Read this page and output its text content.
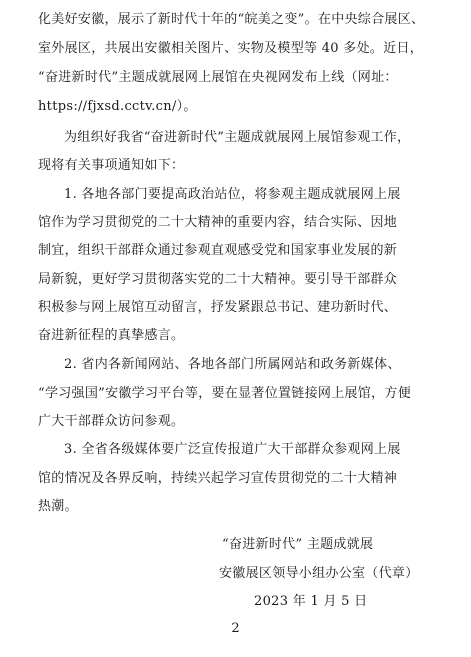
化美好安徽，展示了新时代十年的“皖美之变”。在中央综合展区、
室外展区，共展出安徽相关图片、实物及模型等 40 多处。近日，
“奋进新时代”主题成就展网上展馆在央视网发布上线（网址：
https://fjxsd.cctv.cn/）。
为组织好我省“奋进新时代”主题成就展网上展馆参观工作，
现将有关事项通知如下：
1. 各地各部门要提高政治站位，将参观主题成就展网上展
馆作为学习贯彻党的二十大精神的重要内容，结合实际、因地
制宜，组织干部群众通过参观直观感受党和国家事业发展的新
局新貌，更好学习贯彻落实党的二十大精神。要引导干部群众
积极参与网上展馆互动留言，抒发紧跟总书记、建功新时代、
奋进新征程的真挚感言。
2. 省内各新闻网站、各地各部门所属网站和政务新媒体、
“学习强国”安徽学习平台等，要在显著位置链接网上展馆，方便
广大干部群众访问参观。
3. 全省各级媒体要广泛宣传报道广大干部群众参观网上展
馆的情况及各界反响，持续兴起学习宣传贯彻党的二十大精神
热潮。
“奋进新时代” 主题成就展
安徽展区领导小组办公室（代章）
2023 年 1 月 5 日
2
